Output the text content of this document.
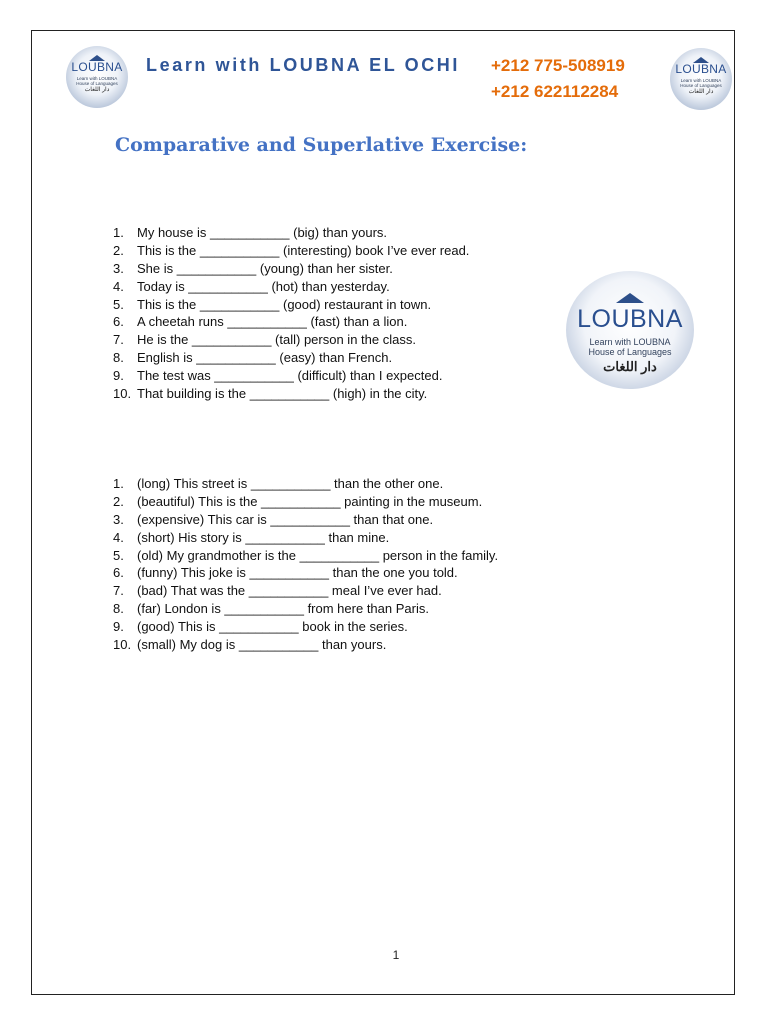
LOUBNA
Learn with LOUBNA
House of Languages
دار اللغات
Learn with LOUBNA EL OCHI +212 775-508919
+212 622112284
LOUBNA
Learn with LOUBNA
House of Languages
دار اللغات
Comparative and Superlative Exercise:
1. My house is ___________ (big) than yours.
2. This is the ___________ (interesting) book I’ve ever read.
3. She is ___________ (young) than her sister.
4. Today is ___________ (hot) than yesterday.
5. This is the ___________ (good) restaurant in town.
6. A cheetah runs ___________ (fast) than a lion.
7. He is the ___________ (tall) person in the class.
8. English is ___________ (easy) than French.
9. The test was ___________ (difficult) than I expected.
10. That building is the ___________ (high) in the city.
LOUBNA
Learn with LOUBNA
House of Languages
دار اللغات
1. (long) This street is ___________ than the other one.
2. (beautiful) This is the ___________ painting in the museum.
3. (expensive) This car is ___________ than that one.
4. (short) His story is ___________ than mine.
5. (old) My grandmother is the ___________ person in the family.
6. (funny) This joke is ___________ than the one you told.
7. (bad) That was the ___________ meal I’ve ever had.
8. (far) London is ___________ from here than Paris.
9. (good) This is ___________ book in the series.
10. (small) My dog is ___________ than yours.
1
